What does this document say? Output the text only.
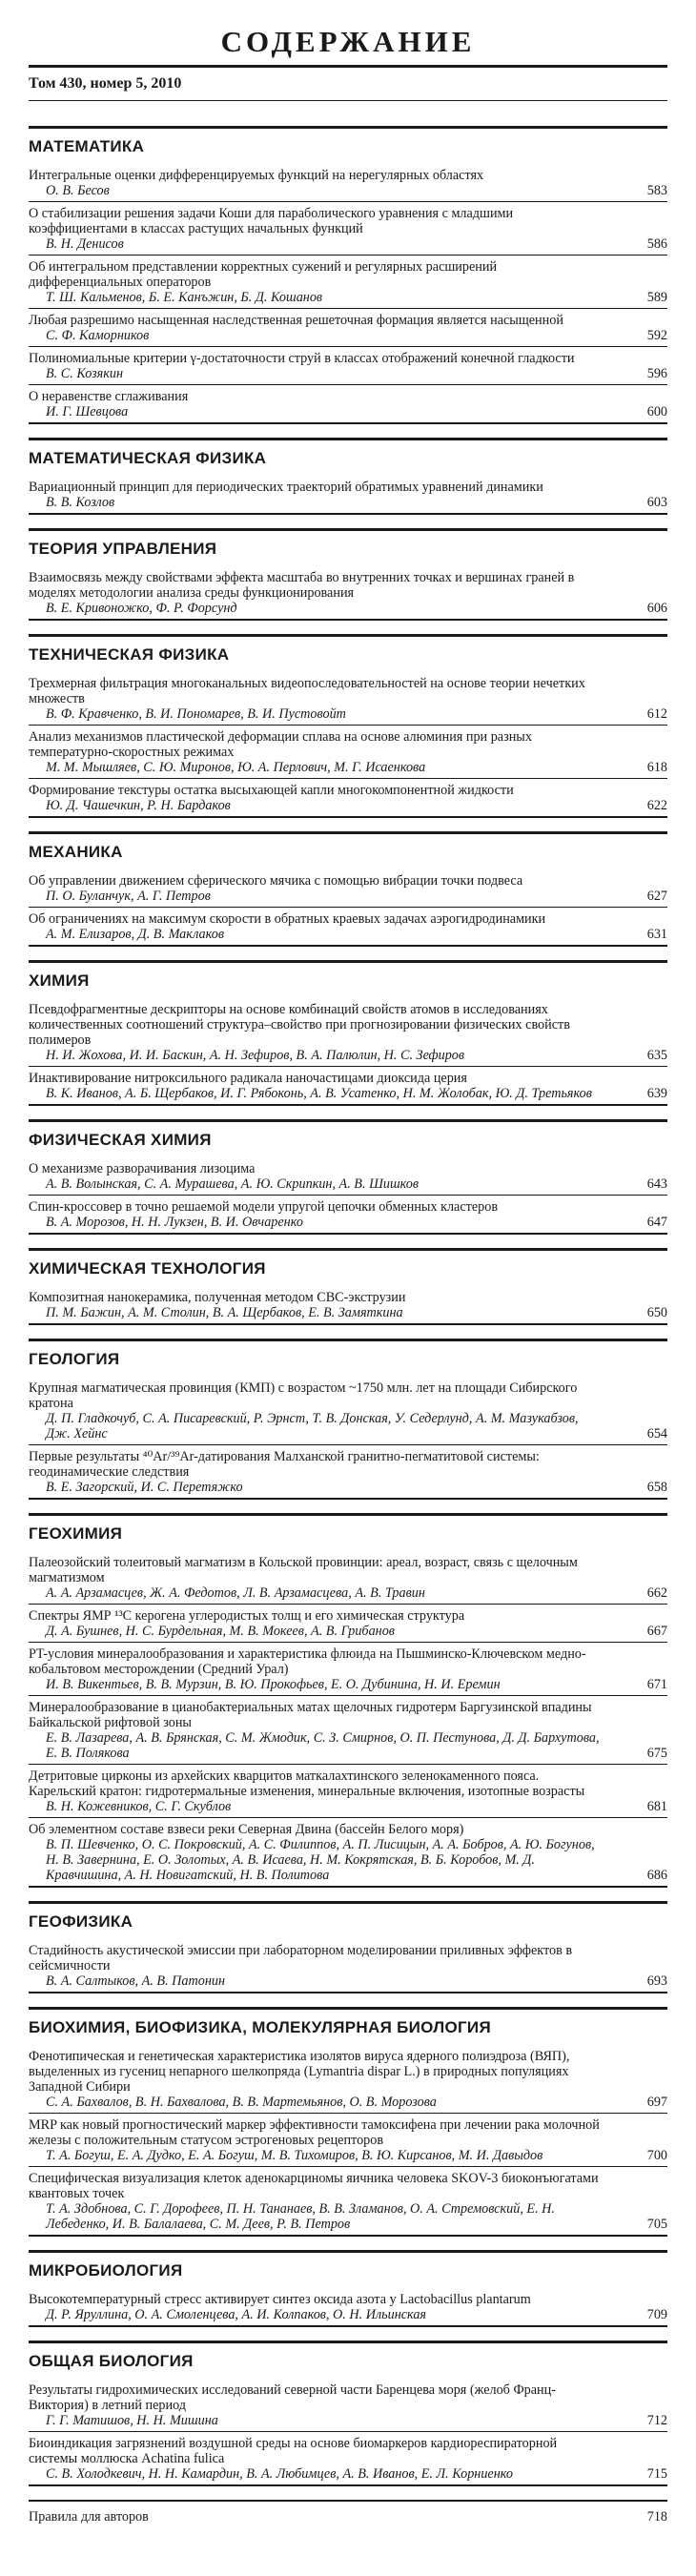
СОДЕРЖАНИЕ
Том 430, номер 5, 2010
МАТЕМАТИКА
Интегральные оценки дифференцируемых функций на нерегулярных областях
О. В. Бесов	583
О стабилизации решения задачи Коши для параболического уравнения с младшими коэффициентами в классах растущих начальных функций
В. Н. Денисов	586
Об интегральном представлении корректных сужений и регулярных расширений дифференциальных операторов
Т. Ш. Кальменов, Б. Е. Канъжин, Б. Д. Кошанов	589
Любая разрешимо насыщенная наследственная решеточная формация является насыщенной
С. Ф. Каморников	592
Полиномиальные критерии γ-достаточности струй в классах отображений конечной гладкости
В. С. Козякин	596
О неравенстве сглаживания
И. Г. Шевцова	600
МАТЕМАТИЧЕСКАЯ ФИЗИКА
Вариационный принцип для периодических траекторий обратимых уравнений динамики
В. В. Козлов	603
ТЕОРИЯ УПРАВЛЕНИЯ
Взаимосвязь между свойствами эффекта масштаба во внутренних точках и вершинах граней в моделях методологии анализа среды функционирования
В. Е. Кривоножко, Ф. Р. Форсунд	606
ТЕХНИЧЕСКАЯ ФИЗИКА
Трехмерная фильтрация многоканальных видеопоследовательностей на основе теории нечетких множеств
В. Ф. Кравченко, В. И. Пономарев, В. И. Пустовойт	612
Анализ механизмов пластической деформации сплава на основе алюминия при разных температурно-скоростных режимах
М. М. Мышляев, С. Ю. Миронов, Ю. А. Перлович, М. Г. Исаенкова	618
Формирование текстуры остатка высыхающей капли многокомпонентной жидкости
Ю. Д. Чашечкин, Р. Н. Бардаков	622
МЕХАНИКА
Об управлении движением сферического мячика с помощью вибрации точки подвеса
П. О. Буланчук, А. Г. Петров	627
Об ограничениях на максимум скорости в обратных краевых задачах аэрогидродинамики
А. М. Елизаров, Д. В. Маклаков	631
ХИМИЯ
Псевдофрагментные дескрипторы на основе комбинаций свойств атомов в исследованиях количественных соотношений структура–свойство при прогнозировании физических свойств полимеров
Н. И. Жохова, И. И. Баскин, А. Н. Зефиров, В. А. Палюлин, Н. С. Зефиров	635
Инактивирование нитроксильного радикала наночастицами диоксида церия
В. К. Иванов, А. Б. Щербаков, И. Г. Рябоконь, А. В. Усатенко, Н. М. Жолобак, Ю. Д. Третьяков	639
ФИЗИЧЕСКАЯ ХИМИЯ
О механизме разворачивания лизоцима
А. В. Волынская, С. А. Мурашева, А. Ю. Скрипкин, А. В. Шишков	643
Спин-кроссовер в точно решаемой модели упругой цепочки обменных кластеров
В. А. Морозов, Н. Н. Лукзен, В. И. Овчаренко	647
ХИМИЧЕСКАЯ ТЕХНОЛОГИЯ
Композитная нанокерамика, полученная методом СВС-экструзии
П. М. Бажин, А. М. Столин, В. А. Щербаков, Е. В. Замяткина	650
ГЕОЛОГИЯ
Крупная магматическая провинция (КМП) с возрастом ~1750 млн. лет на площади Сибирского кратона
Д. П. Гладкочуб, С. А. Писаревский, Р. Эрнст, Т. В. Донская, У. Седерлунд, А. М. Мазукабзов, Дж. Хейнс	654
Первые результаты ⁴⁰Ar/³⁹Ar-датирования Малханской гранитно-пегматитовой системы: геодинамические следствия
В. Е. Загорский, И. С. Перетяжко	658
ГЕОХИМИЯ
Палеозойский толеитовый магматизм в Кольской провинции: ареал, возраст, связь с щелочным магматизмом
А. А. Арзамасцев, Ж. А. Федотов, Л. В. Арзамасцева, А. В. Травин	662
Спектры ЯМР ¹³C керогена углеродистых толщ и его химическая структура
Д. А. Бушнев, Н. С. Бурдельная, М. В. Мокеев, А. В. Грибанов	667
PT-условия минералообразования и характеристика флюида на Пышминско-Ключевском медно-кобальтовом месторождении (Средний Урал)
И. В. Викентьев, В. В. Мурзин, В. Ю. Прокофьев, Е. О. Дубинина, Н. И. Еремин	671
Минералообразование в цианобактериальных матах щелочных гидротерм Баргузинской впадины Байкальской рифтовой зоны
Е. В. Лазарева, А. В. Брянская, С. М. Жмодик, С. З. Смирнов, О. П. Пестунова, Д. Д. Бархутова, Е. В. Полякова	675
Детритовые цирконы из архейских кварцитов маткалахтинского зеленокаменного пояса. Карельский кратон: гидротермальные изменения, минеральные включения, изотопные возрасты
В. Н. Кожевников, С. Г. Скублов	681
Об элементном составе взвеси реки Северная Двина (бассейн Белого моря)
В. П. Шевченко, О. С. Покровский, А. С. Филиппов, А. П. Лисицын, А. А. Бобров, А. Ю. Богунов, Н. В. Завернина, Е. О. Золотых, А. В. Исаева, Н. М. Кокрятская, В. Б. Коробов, М. Д. Кравчишина, А. Н. Новигатский, Н. В. Политова	686
ГЕОФИЗИКА
Стадийность акустической эмиссии при лабораторном моделировании приливных эффектов в сейсмичности
В. А. Салтыков, А. В. Патонин	693
БИОХИМИЯ, БИОФИЗИКА, МОЛЕКУЛЯРНАЯ БИОЛОГИЯ
Фенотипическая и генетическая характеристика изолятов вируса ядерного полиэдроза (ВЯП), выделенных из гусениц непарного шелкопряда (Lymantria dispar L.) в природных популяциях Западной Сибири
С. А. Бахвалов, В. Н. Бахвалова, В. В. Мартемьянов, О. В. Морозова	697
MRP как новый прогностический маркер эффективности тамоксифена при лечении рака молочной железы с положительным статусом эстрогеновых рецепторов
Т. А. Богуш, Е. А. Дудко, Е. А. Богуш, М. В. Тихомиров, В. Ю. Кирсанов, М. И. Давыдов	700
Специфическая визуализация клеток аденокарциномы яичника человека SKOV-3 биоконъюгатами квантовых точек
Т. А. Здобнова, С. Г. Дорофеев, П. Н. Тананаев, В. В. Зламанов, О. А. Стремовский, Е. Н. Лебеденко, И. В. Балалаева, С. М. Деев, Р. В. Петров	705
МИКРОБИОЛОГИЯ
Высокотемпературный стресс активирует синтез оксида азота у Lactobacillus plantarum
Д. Р. Яруллина, О. А. Смоленцева, А. И. Колпаков, О. Н. Ильинская	709
ОБЩАЯ БИОЛОГИЯ
Результаты гидрохимических исследований северной части Баренцева моря (желоб Франц-Виктория) в летний период
Г. Г. Матишов, Н. Н. Мишина	712
Биоиндикация загрязнений воздушной среды на основе биомаркеров кардиореспираторной системы моллюска Achatina fulica
С. В. Холодкевич, Н. Н. Камардин, В. А. Любимцев, А. В. Иванов, Е. Л. Корниенко	715
Правила для авторов	718
